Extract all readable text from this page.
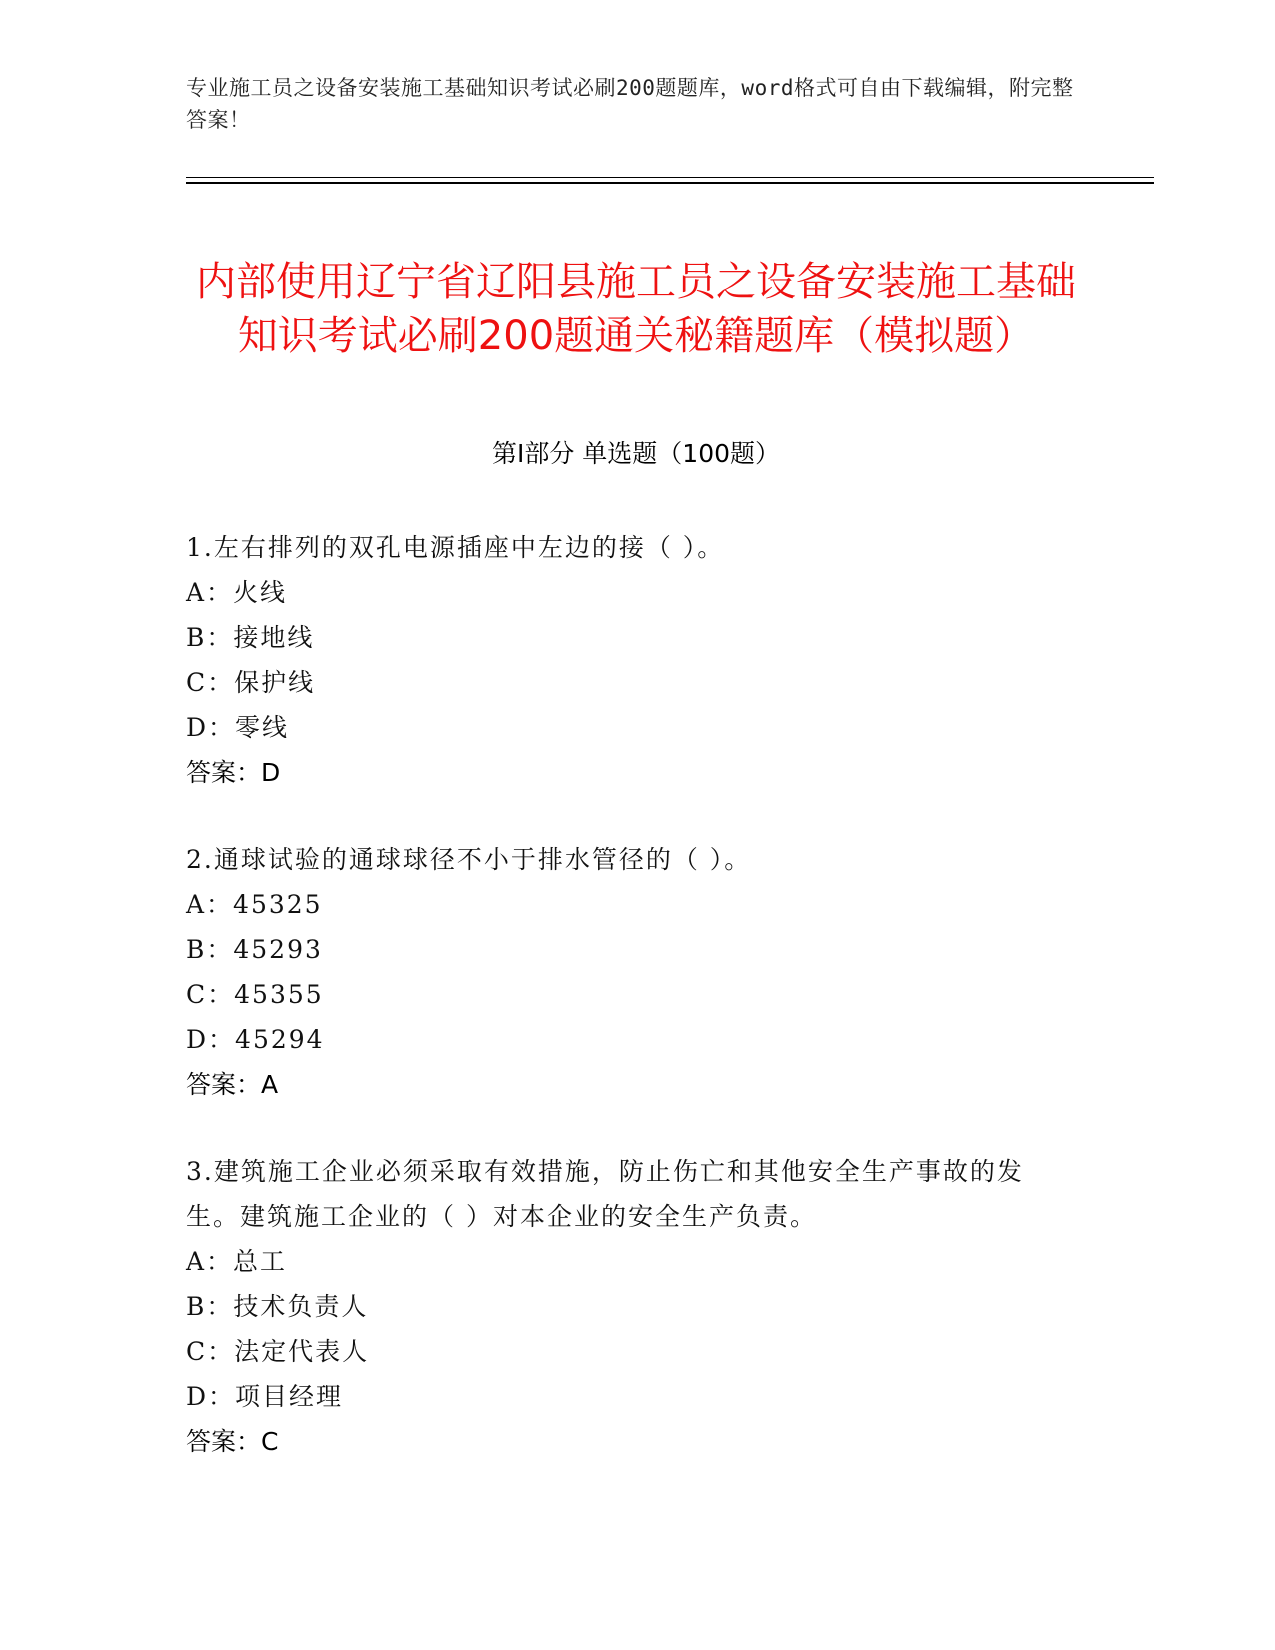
专业施工员之设备安装施工基础知识考试必刷200题题库，word格式可自由下载编辑，附完整答案！
内部使用辽宁省辽阳县施工员之设备安装施工基础知识考试必刷200题通关秘籍题库（模拟题）
第Ⅰ部分 单选题（100题）

1.左右排列的双孔电源插座中左边的接（ ）。

A：火线

B：接地线

C：保护线

D：零线

答案：D

2.通球试验的通球球径不小于排水管径的（ ）。

A：45325

B：45293

C：45355

D：45294

答案：A

3.建筑施工企业必须采取有效措施，防止伤亡和其他安全生产事故的发生。建筑施工企业的（ ）对本企业的安全生产负责。

A：总工

B：技术负责人

C：法定代表人

D：项目经理

答案：C
